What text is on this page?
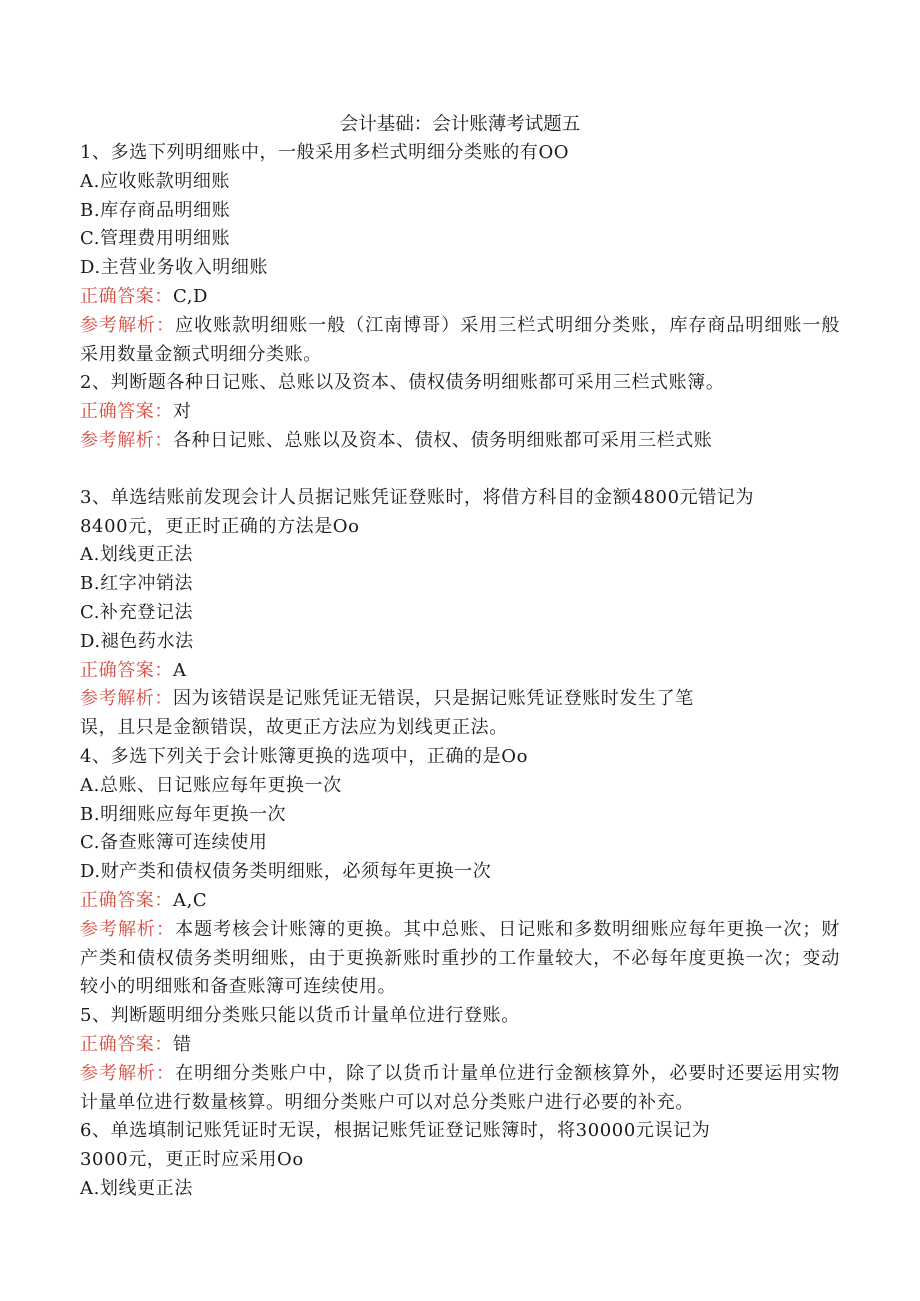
会计基础：会计账薄考试题五
1、多选下列明细账中，一般采用多栏式明细分类账的有OO
A.应收账款明细账
B.库存商品明细账
C.管理费用明细账
D.主营业务收入明细账
正确答案：C,D
参考解析：应收账款明细账一般（江南博哥）采用三栏式明细分类账，库存商品明细账一般采用数量金额式明细分类账。
2、判断题各种日记账、总账以及资本、债权债务明细账都可采用三栏式账簿。
正确答案：对
参考解析：各种日记账、总账以及资本、债权、债务明细账都可采用三栏式账
3、单选结账前发现会计人员据记账凭证登账时，将借方科目的金额4800元错记为
8400元，更正时正确的方法是Oo
A.划线更正法
B.红字冲销法
C.补充登记法
D.褪色药水法
正确答案：A
参考解析：因为该错误是记账凭证无错误，只是据记账凭证登账时发生了笔
误，且只是金额错误，故更正方法应为划线更正法。
4、多选下列关于会计账簿更换的选项中，正确的是Oo
A.总账、日记账应每年更换一次
B.明细账应每年更换一次
C.备查账簿可连续使用
D.财产类和债权债务类明细账，必须每年更换一次
正确答案：A,C
参考解析：本题考核会计账簿的更换。其中总账、日记账和多数明细账应每年更换一次；财产类和债权债务类明细账，由于更换新账时重抄的工作量较大，不必每年度更换一次；变动较小的明细账和备查账簿可连续使用。
5、判断题明细分类账只能以货币计量单位进行登账。
正确答案：错
参考解析：在明细分类账户中，除了以货币计量单位进行金额核算外，必要时还要运用实物计量单位进行数量核算。明细分类账户可以对总分类账户进行必要的补充。
6、单选填制记账凭证时无误，根据记账凭证登记账簿时，将30000元误记为
3000元，更正时应采用Oo
A.划线更正法
